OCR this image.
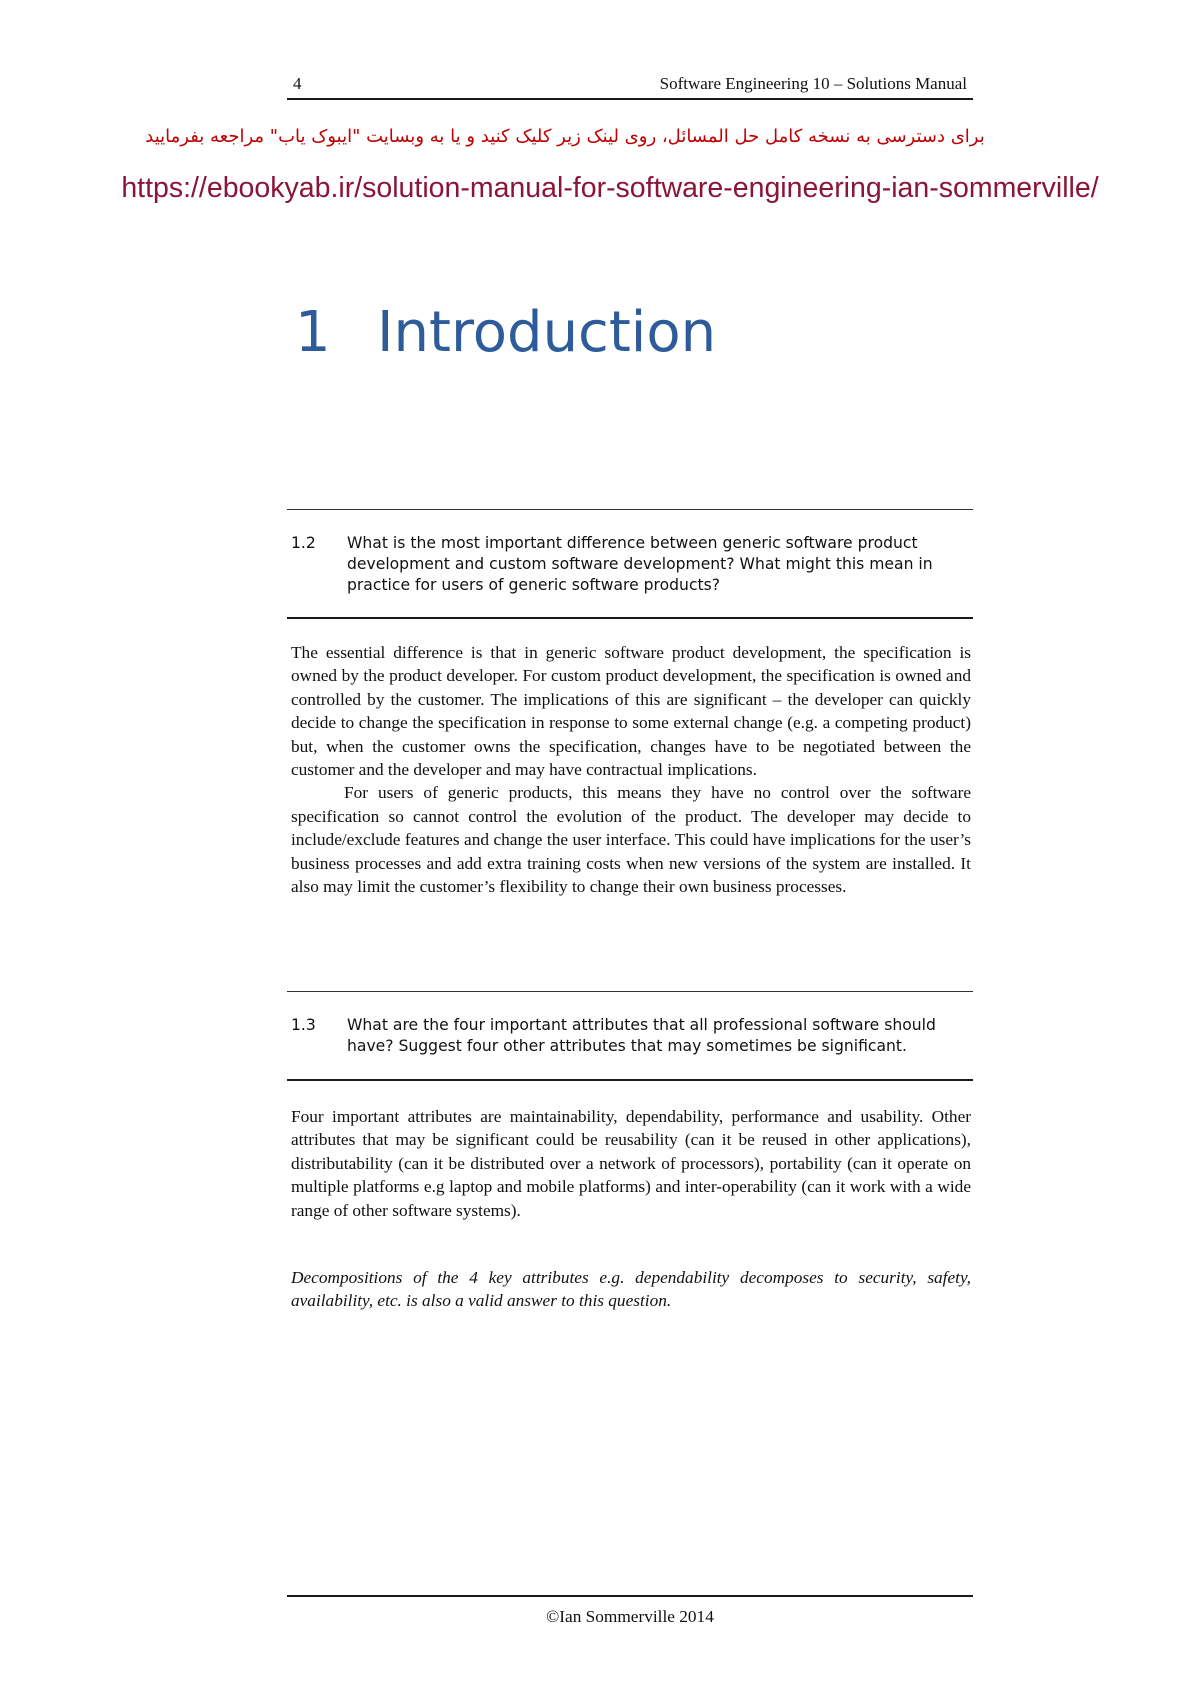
4	Software Engineering 10 – Solutions Manual
برای دسترسی به نسخه کامل حل المسائل، روی لینک زیر کلیک کنید و یا به وبسایت "ایبوک یاب" مراجعه بفرمایید
https://ebookyab.ir/solution-manual-for-software-engineering-ian-sommerville/
1 Introduction
1.2 What is the most important difference between generic software product development and custom software development? What might this mean in practice for users of generic software products?

The essential difference is that in generic software product development, the specification is owned by the product developer. For custom product development, the specification is owned and controlled by the customer. The implications of this are significant – the developer can quickly decide to change the specification in response to some external change (e.g. a competing product) but, when the customer owns the specification, changes have to be negotiated between the customer and the developer and may have contractual implications.

For users of generic products, this means they have no control over the software specification so cannot control the evolution of the product. The developer may decide to include/exclude features and change the user interface. This could have implications for the user’s business processes and add extra training costs when new versions of the system are installed. It also may limit the customer’s flexibility to change their own business processes.

1.3 What are the four important attributes that all professional software should have? Suggest four other attributes that may sometimes be significant.

Four important attributes are maintainability, dependability, performance and usability. Other attributes that may be significant could be reusability (can it be reused in other applications), distributability (can it be distributed over a network of processors), portability (can it operate on multiple platforms e.g laptop and mobile platforms) and inter-operability (can it work with a wide range of other software systems).

Decompositions of the 4 key attributes e.g. dependability decomposes to security, safety, availability, etc. is also a valid answer to this question.
©Ian Sommerville 2014
